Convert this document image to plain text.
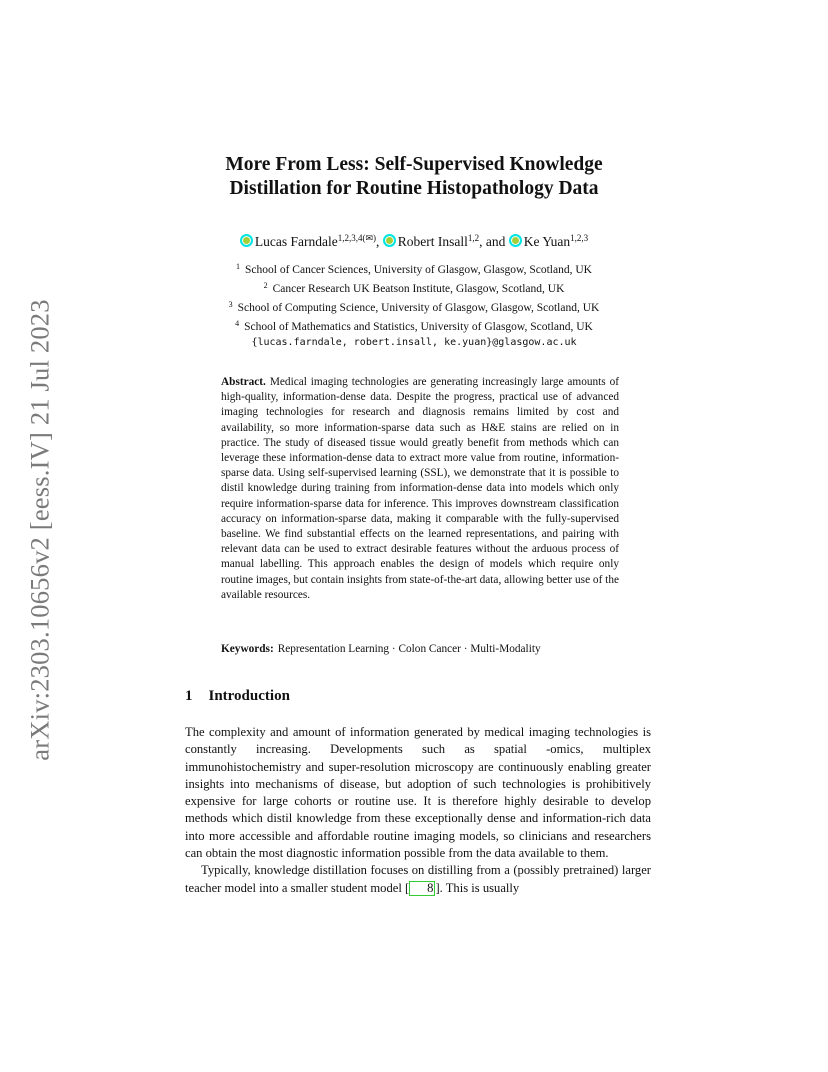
arXiv:2303.10656v2 [eess.IV] 21 Jul 2023
More From Less: Self-Supervised Knowledge
Distillation for Routine Histopathology Data
Lucas Farndale$^{1,2,3,4(✉)}$, Robert Insall$^{1,2}$, and Ke Yuan$^{1,2,3}$
$^1$ School of Cancer Sciences, University of Glasgow, Glasgow, Scotland, UK
$^2$ Cancer Research UK Beatson Institute, Glasgow, Scotland, UK
$^3$ School of Computing Science, University of Glasgow, Glasgow, Scotland, UK
$^4$ School of Mathematics and Statistics, University of Glasgow, Scotland, UK
{lucas.farndale, robert.insall, ke.yuan}@glasgow.ac.uk
Abstract. Medical imaging technologies are generating increasingly large amounts of high-quality, information-dense data. Despite the progress, practical use of advanced imaging technologies for research and diagnosis remains limited by cost and availability, so more information-sparse data such as H&E stains are relied on in practice. The study of diseased tissue would greatly benefit from methods which can leverage these information-dense data to extract more value from routine, information-sparse data. Using self-supervised learning (SSL), we demonstrate that it is possible to distil knowledge during training from information-dense data into models which only require information-sparse data for inference. This improves downstream classification accuracy on information-sparse data, making it comparable with the fully-supervised baseline. We find substantial effects on the learned representations, and pairing with relevant data can be used to extract desirable features without the arduous process of manual labelling. This approach enables the design of models which require only routine images, but contain insights from state-of-the-art data, allowing better use of the available resources.
Keywords: Representation Learning · Colon Cancer · Multi-Modality
1 Introduction

The complexity and amount of information generated by medical imaging technologies is constantly increasing. Developments such as spatial -omics, multiplex immunohistochemistry and super-resolution microscopy are continuously enabling greater insights into mechanisms of disease, but adoption of such technologies is prohibitively expensive for large cohorts or routine use. It is therefore highly desirable to develop methods which distil knowledge from these exceptionally dense and information-rich data into more accessible and affordable routine imaging models, so clinicians and researchers can obtain the most diagnostic information possible from the data available to them.

Typically, knowledge distillation focuses on distilling from a (possibly pretrained) larger teacher model into a smaller student model [ 8 ]. This is usually
